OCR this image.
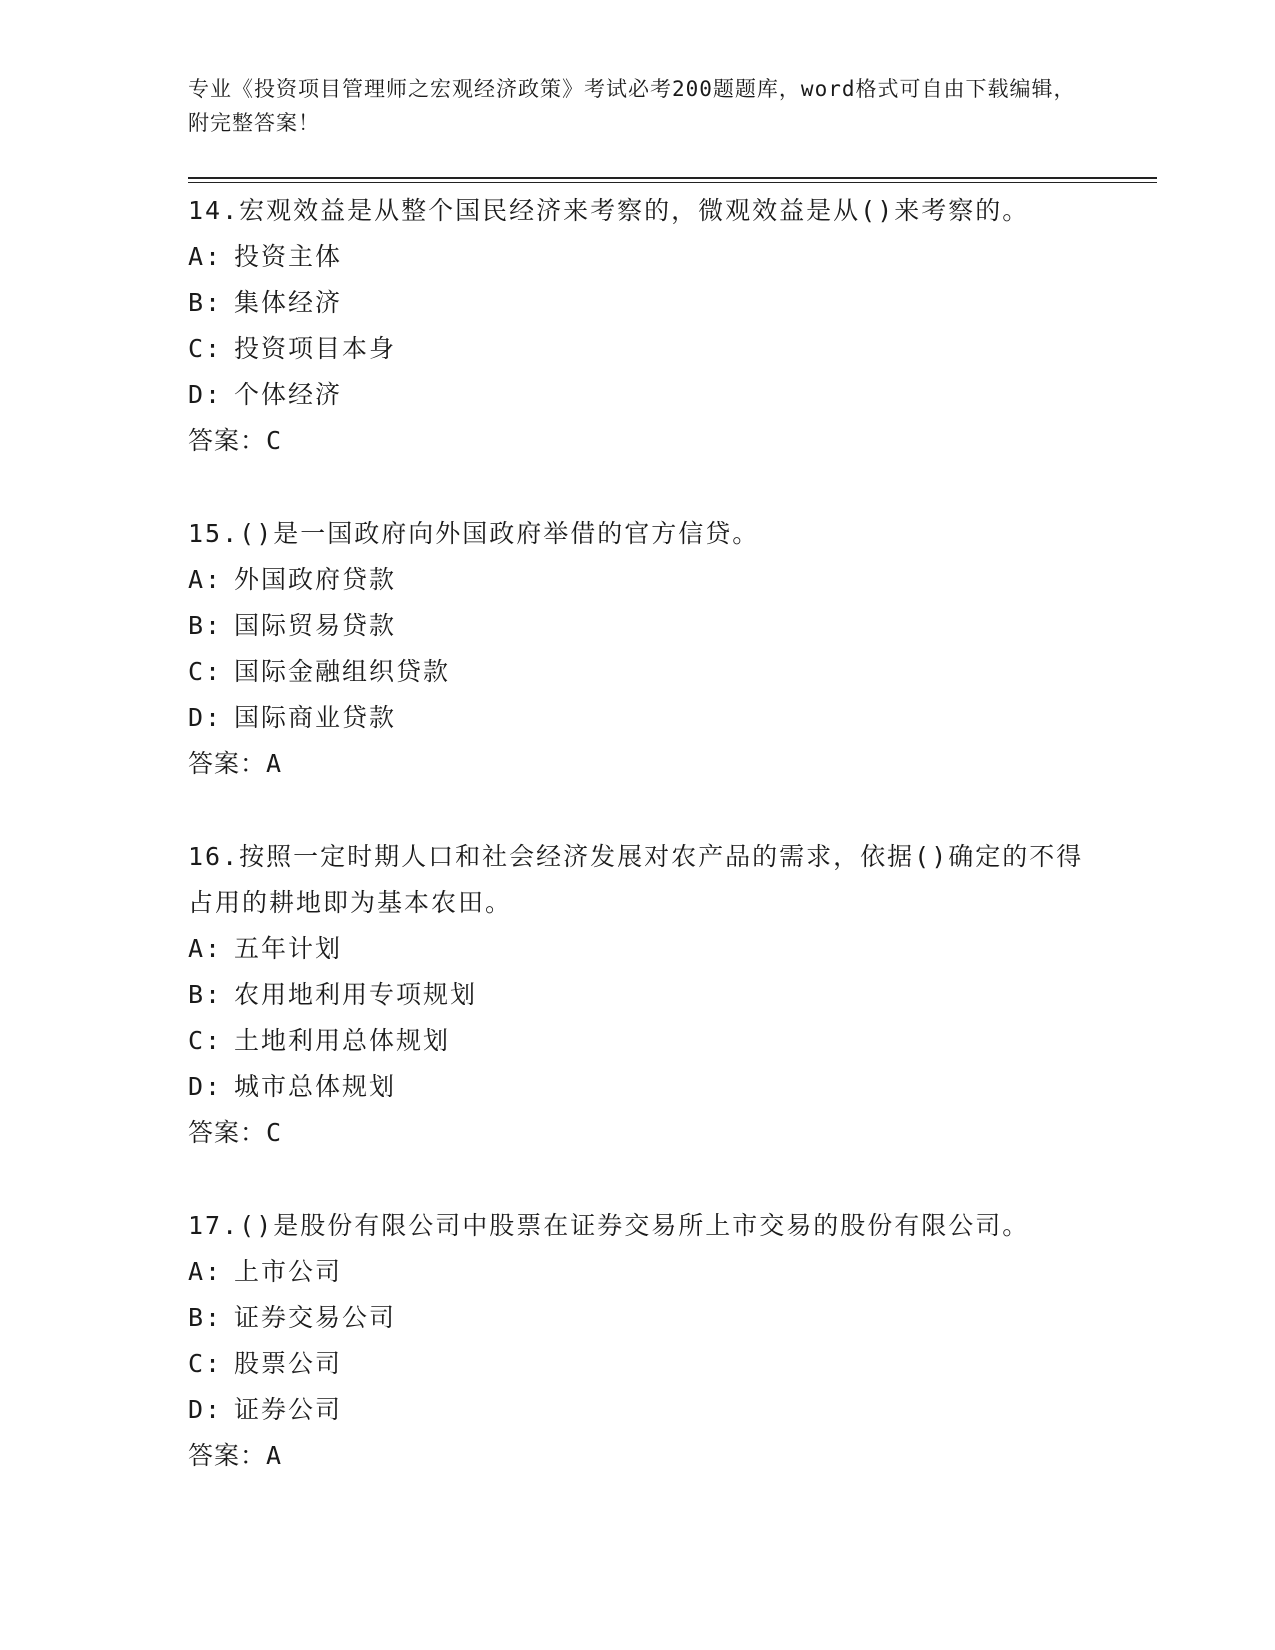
专业《投资项目管理师之宏观经济政策》考试必考200题题库，word格式可自由下载编辑，附完整答案！
14.宏观效益是从整个国民经济来考察的，微观效益是从()来考察的。
A: 投资主体
B: 集体经济
C: 投资项目本身
D: 个体经济
答案：C
15.()是一国政府向外国政府举借的官方信贷。
A: 外国政府贷款
B: 国际贸易贷款
C: 国际金融组织贷款
D: 国际商业贷款
答案：A
16.按照一定时期人口和社会经济发展对农产品的需求，依据()确定的不得占用的耕地即为基本农田。
A: 五年计划
B: 农用地利用专项规划
C: 土地利用总体规划
D: 城市总体规划
答案：C
17.()是股份有限公司中股票在证券交易所上市交易的股份有限公司。
A: 上市公司
B: 证券交易公司
C: 股票公司
D: 证券公司
答案：A
